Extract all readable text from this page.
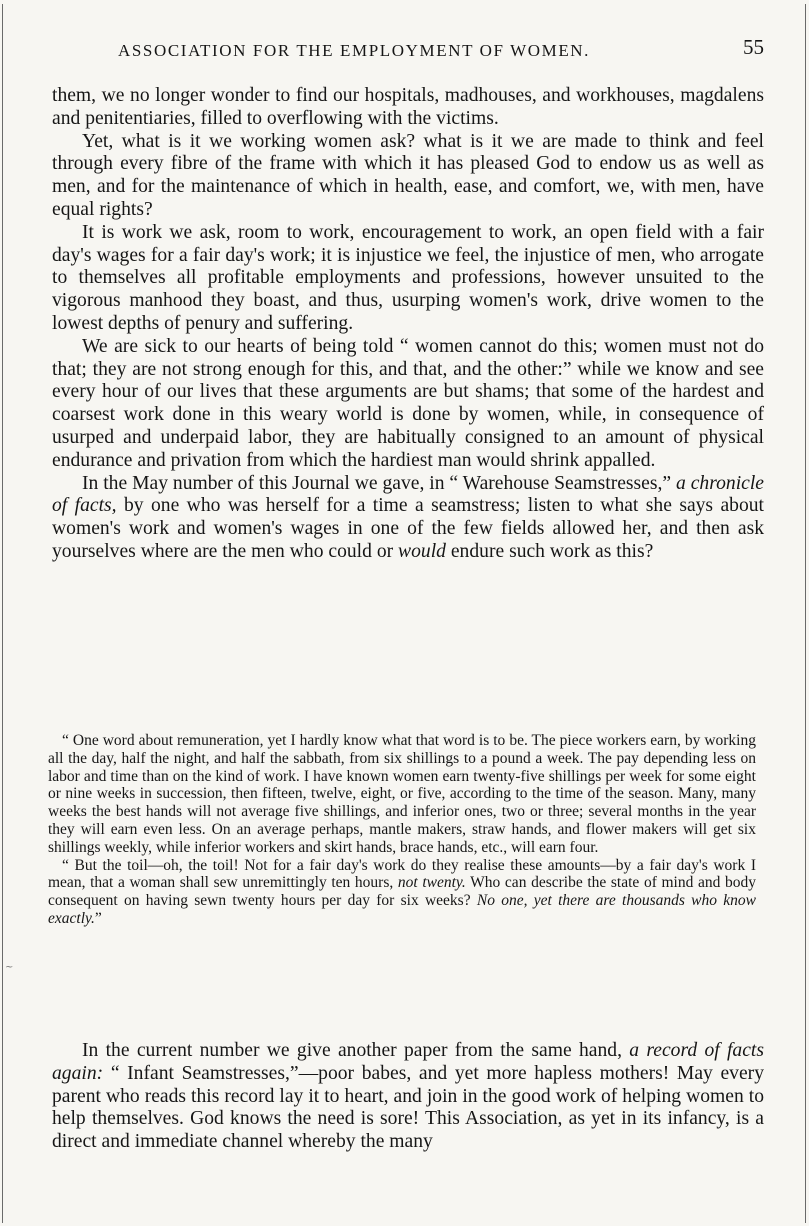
ASSOCIATION FOR THE EMPLOYMENT OF WOMEN.	55

them, we no longer wonder to find our hospitals, madhouses, and workhouses, magdalens and penitentiaries, filled to overflowing with the victims.

Yet, what is it we working women ask? what is it we are made to think and feel through every fibre of the frame with which it has pleased God to endow us as well as men, and for the maintenance of which in health, ease, and comfort, we, with men, have equal rights?

It is work we ask, room to work, encouragement to work, an open field with a fair day's wages for a fair day's work; it is injustice we feel, the injustice of men, who arrogate to themselves all profitable employments and professions, however unsuited to the vigorous manhood they boast, and thus, usurping women's work, drive women to the lowest depths of penury and suffering.

We are sick to our hearts of being told “ women cannot do this; women must not do that; they are not strong enough for this, and that, and the other:” while we know and see every hour of our lives that these arguments are but shams; that some of the hardest and coarsest work done in this weary world is done by women, while, in consequence of usurped and underpaid labor, they are habitually consigned to an amount of physical endurance and privation from which the hardiest man would shrink appalled.

In the May number of this Journal we gave, in “ Warehouse Seamstresses,” a chronicle of facts, by one who was herself for a time a seamstress; listen to what she says about women's work and women's wages in one of the few fields allowed her, and then ask yourselves where are the men who could or would endure such work as this?

“ One word about remuneration, yet I hardly know what that word is to be. The piece workers earn, by working all the day, half the night, and half the sabbath, from six shillings to a pound a week. The pay depending less on labor and time than on the kind of work. I have known women earn twenty-five shillings per week for some eight or nine weeks in succession, then fifteen, twelve, eight, or five, according to the time of the season. Many, many weeks the best hands will not average five shillings, and inferior ones, two or three; several months in the year they will earn even less. On an average perhaps, mantle makers, straw hands, and flower makers will get six shillings weekly, while inferior workers and skirt hands, brace hands, etc., will earn four.

“ But the toil—oh, the toil! Not for a fair day's work do they realise these amounts—by a fair day's work I mean, that a woman shall sew unremittingly ten hours, not twenty. Who can describe the state of mind and body consequent on having sewn twenty hours per day for six weeks? No one, yet there are thousands who know exactly.”

~

In the current number we give another paper from the same hand, a record of facts again: “ Infant Seamstresses,”—poor babes, and yet more hapless mothers! May every parent who reads this record lay it to heart, and join in the good work of helping women to help themselves. God knows the need is sore! This Association, as yet in its infancy, is a direct and immediate channel whereby the many
